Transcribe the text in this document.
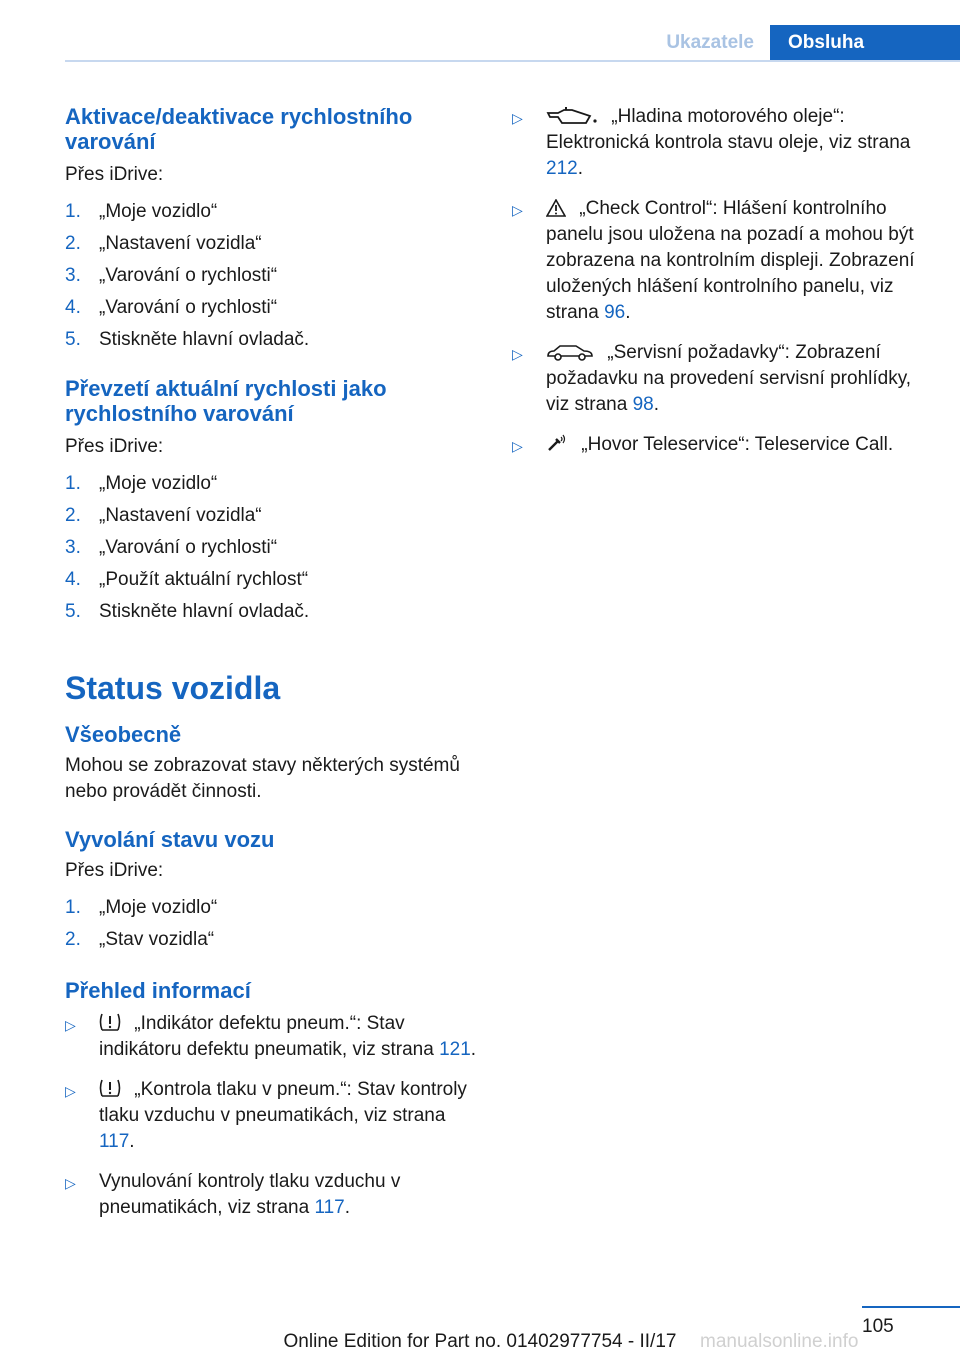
Ukazatele	Obsluha
Aktivace/deaktivace rychlostního varování

Přes iDrive:

1. „Moje vozidlo“
2. „Nastavení vozidla“
3. „Varování o rychlosti“
4. „Varování o rychlosti“
5. Stiskněte hlavní ovladač.
Převzetí aktuální rychlosti jako rychlostního varování

Přes iDrive:

1. „Moje vozidlo“
2. „Nastavení vozidla“
3. „Varování o rychlosti“
4. „Použít aktuální rychlost“
5. Stiskněte hlavní ovladač.
Status vozidla
Všeobecně

Mohou se zobrazovat stavy některých systémů nebo provádět činnosti.

Vyvolání stavu vozu

Přes iDrive:

1. „Moje vozidlo“
2. „Stav vozidla“
Přehled informací
▷	„Indikátor defektu pneum.“: Stav indikátoru defektu pneumatik, viz strana 121.
▷	„Kontrola tlaku v pneum.“: Stav kontroly tlaku vzduchu v pneumatikách, viz strana 117.
▷	Vynulování kontroly tlaku vzduchu v pneumatikách, viz strana 117.
▷	„Hladina motorového oleje“: Elektronická kontrola stavu oleje, viz strana 212.
▷	„Check Control“: Hlášení kontrolního panelu jsou uložena na pozadí a mohou být zobrazena na kontrolním displeji. Zobrazení uložených hlášení kontrolního panelu, viz strana 96.
▷	„Servisní požadavky“: Zobrazení požadavku na provedení servisní prohlídky, viz strana 98.
▷	„Hovor Teleservice“: Teleservice Call.
105
Online Edition for Part no. 01402977754 - II/17	manualsonline.info
